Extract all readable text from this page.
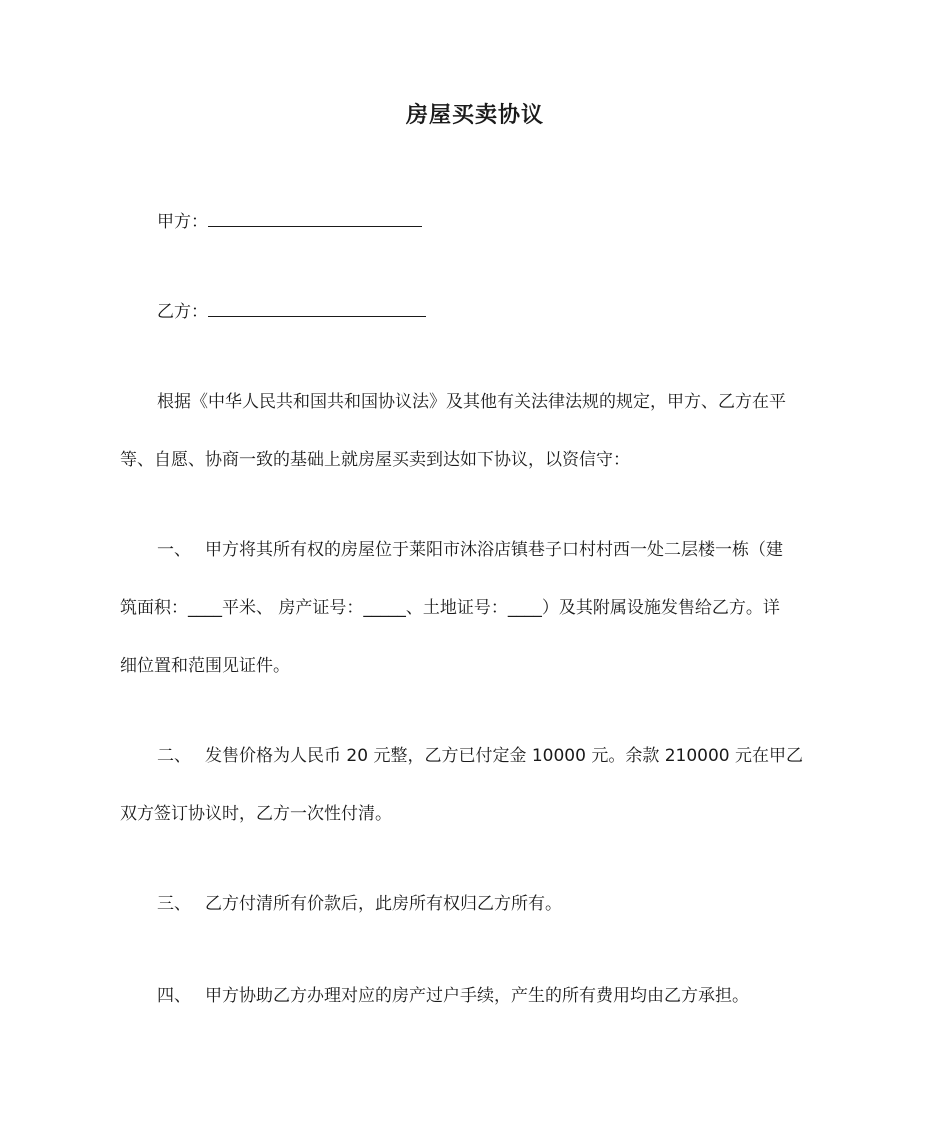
房屋买卖协议
甲方：
乙方：
根据《中华人民共和国共和国协议法》及其他有关法律法规的规定，甲方、乙方在平
等、自愿、协商一致的基础上就房屋买卖到达如下协议，以资信守：
一、 甲方将其所有权的房屋位于莱阳市沐浴店镇巷子口村村西一处二层楼一栋（建
筑面积：____平米、 房产证号：_____、土地证号：____）及其附属设施发售给乙方。详
细位置和范围见证件。
二、 发售价格为人民币 20 元整，乙方已付定金 10000 元。余款 210000 元在甲乙
双方签订协议时，乙方一次性付清。
三、 乙方付清所有价款后，此房所有权归乙方所有。
四、 甲方协助乙方办理对应的房产过户手续，产生的所有费用均由乙方承担。
